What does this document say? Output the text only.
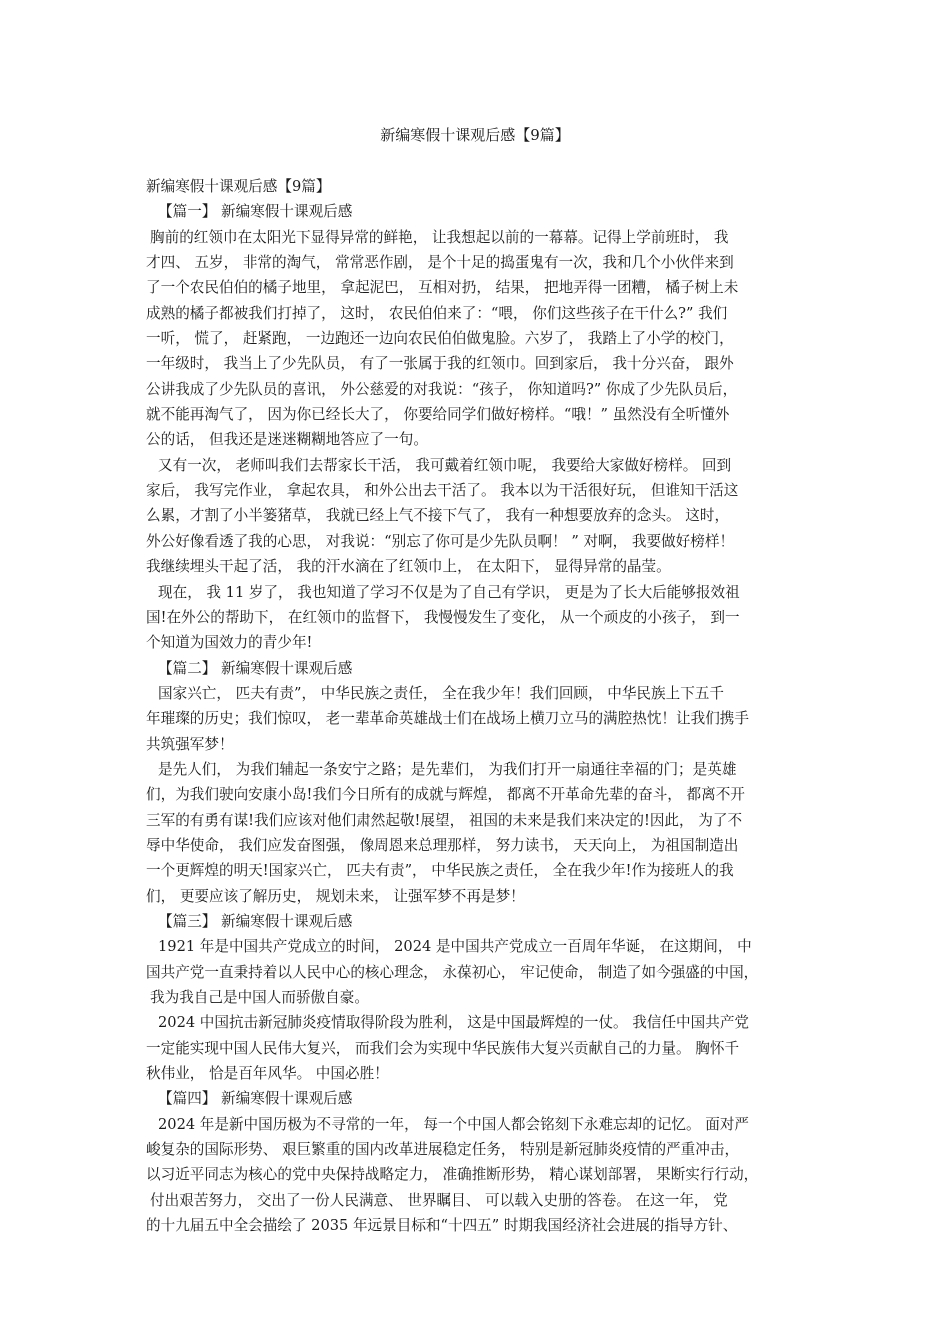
新编寒假十课观后感【9篇】
新编寒假十课观后感【9篇】
【篇一】 新编寒假十课观后感
胸前的红领巾在太阳光下显得异常的鲜艳， 让我想起以前的一幕幕。记得上学前班时， 我
才四、 五岁， 非常的淘气， 常常恶作剧， 是个十足的捣蛋鬼有一次，我和几个小伙伴来到
了一个农民伯伯的橘子地里， 拿起泥巴， 互相对扔， 结果， 把地弄得一团糟， 橘子树上未
成熟的橘子都被我们打掉了， 这时， 农民伯伯来了：“喂， 你们这些孩子在干什么?” 我们
一听， 慌了， 赶紧跑， 一边跑还一边向农民伯伯做鬼脸。六岁了， 我踏上了小学的校门，
一年级时， 我当上了少先队员， 有了一张属于我的红领巾。回到家后， 我十分兴奋， 跟外
公讲我成了少先队员的喜讯， 外公慈爱的对我说：“孩子， 你知道吗?” 你成了少先队员后，
就不能再淘气了， 因为你已经长大了， 你要给同学们做好榜样。“哦！” 虽然没有全听懂外
公的话， 但我还是迷迷糊糊地答应了一句。
又有一次， 老师叫我们去帮家长干活， 我可戴着红领巾呢， 我要给大家做好榜样。 回到
家后， 我写完作业， 拿起农具， 和外公出去干活了。 我本以为干活很好玩， 但谁知干活这
么累，才割了小半篓猪草， 我就已经上气不接下气了， 我有一种想要放弃的念头。 这时，
外公好像看透了我的心思， 对我说：“别忘了你可是少先队员啊！ ” 对啊， 我要做好榜样！
我继续埋头干起了活， 我的汗水滴在了红领巾上， 在太阳下， 显得异常的晶莹。
现在， 我 11 岁了， 我也知道了学习不仅是为了自己有学识， 更是为了长大后能够报效祖
国!在外公的帮助下， 在红领巾的监督下， 我慢慢发生了变化， 从一个顽皮的小孩子， 到一
个知道为国效力的青少年!
【篇二】 新编寒假十课观后感
国家兴亡， 匹夫有责”， 中华民族之责任， 全在我少年！我们回顾， 中华民族上下五千
年璀璨的历史；我们惊叹， 老一辈革命英雄战士们在战场上横刀立马的满腔热忱！让我们携手
共筑强军梦！
是先人们， 为我们辅起一条安宁之路；是先辈们， 为我们打开一扇通往幸福的门；是英雄
们，为我们驶向安康小岛!我们今日所有的成就与辉煌， 都离不开革命先辈的奋斗， 都离不开
三军的有勇有谋!我们应该对他们肃然起敬!展望， 祖国的未来是我们来决定的!因此， 为了不
辱中华使命， 我们应发奋图强， 像周恩来总理那样， 努力读书， 天天向上， 为祖国制造出
一个更辉煌的明天!国家兴亡， 匹夫有责”， 中华民族之责任， 全在我少年!作为接班人的我
们， 更要应该了解历史， 规划未来， 让强军梦不再是梦！
【篇三】 新编寒假十课观后感
1921 年是中国共产党成立的时间， 2024 是中国共产党成立一百周年华诞， 在这期间， 中
国共产党一直秉持着以人民中心的核心理念， 永葆初心， 牢记使命， 制造了如今强盛的中国，
我为我自己是中国人而骄傲自豪。
2024 中国抗击新冠肺炎疫情取得阶段为胜利， 这是中国最辉煌的一仗。 我信任中国共产党
一定能实现中国人民伟大复兴， 而我们会为实现中华民族伟大复兴贡献自己的力量。 胸怀千
秋伟业， 恰是百年风华。 中国必胜！
【篇四】 新编寒假十课观后感
2024 年是新中国历极为不寻常的一年， 每一个中国人都会铭刻下永难忘却的记忆。 面对严
峻复杂的国际形势、 艰巨繁重的国内改革进展稳定任务， 特别是新冠肺炎疫情的严重冲击，
以习近平同志为核心的党中央保持战略定力， 准确推断形势， 精心谋划部署， 果断实行行动，
付出艰苦努力， 交出了一份人民满意、 世界瞩目、 可以载入史册的答卷。 在这一年， 党
的十九届五中全会描绘了 2035 年远景目标和“十四五” 时期我国经济社会进展的指导方针、
